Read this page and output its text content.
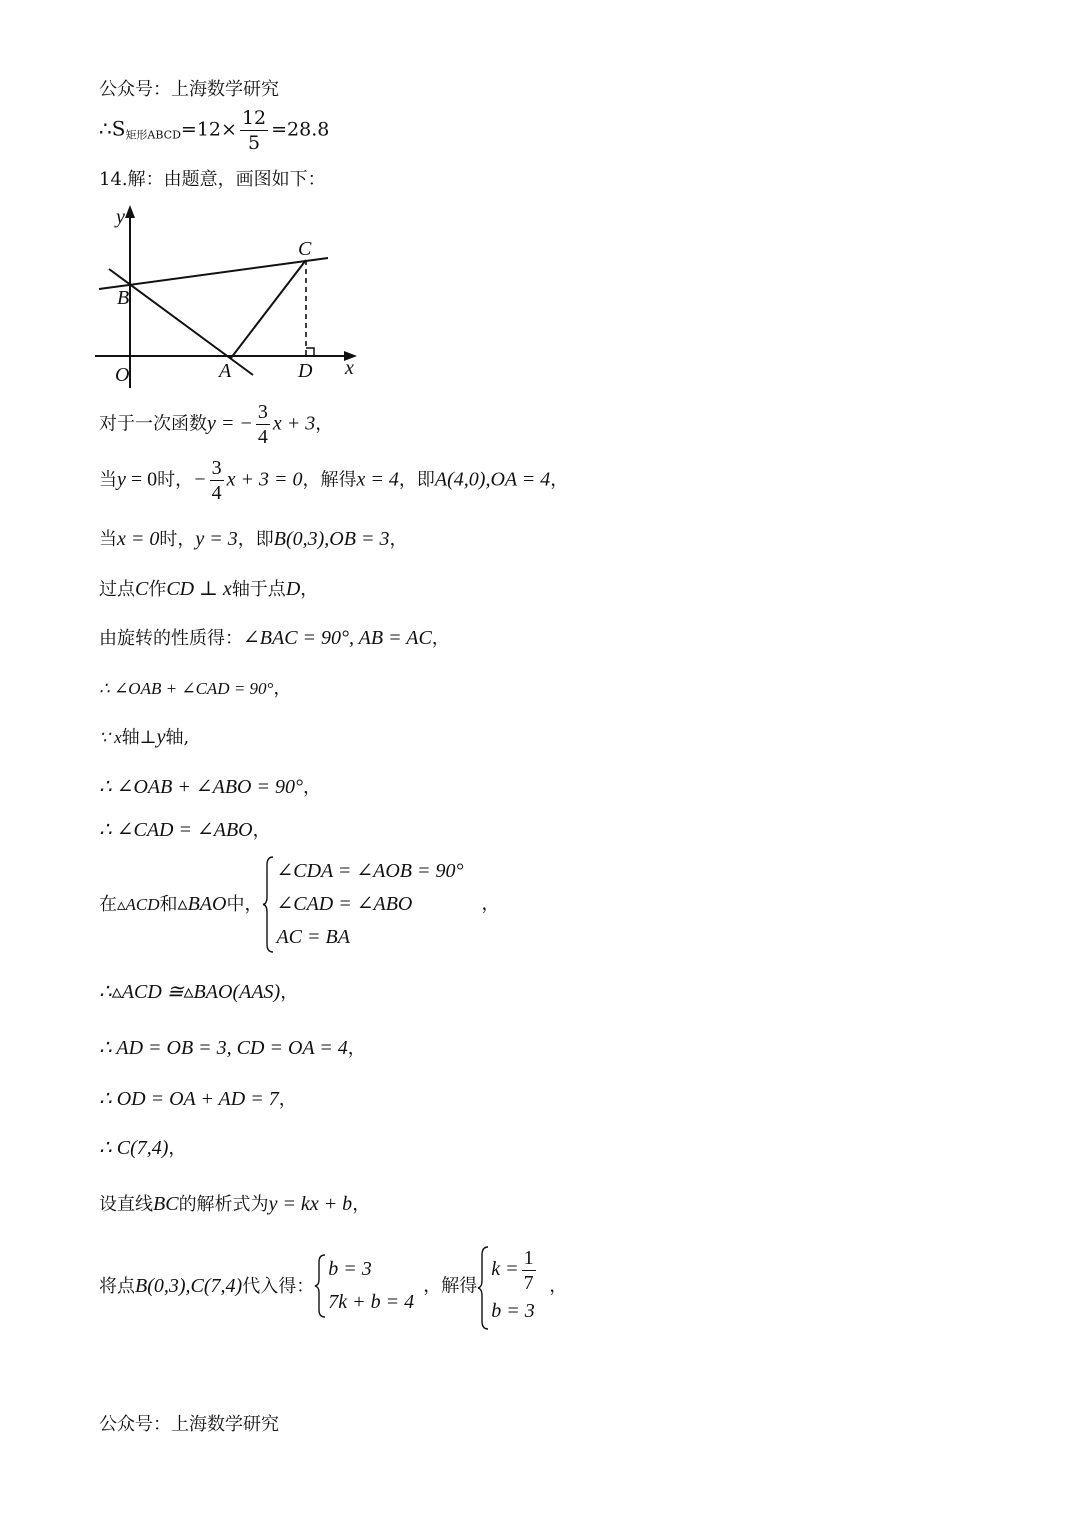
公众号：上海数学研究
$\therefore S_{矩形ABCD}=12\times \frac{12}{5} =28.8$
14.解：由题意，画图如下：
y
C
B
O	A	D x
对于一次函数y = − $\frac{3}{4}$ x + 3，
当y = 0时，− $\frac{3}{4}$ x + 3 = 0，解得x = 4，即A(4,0),OA = 4，
当x = 0时，y = 3，即B(0,3),OB = 3，
过点C作CD ⊥ x轴于点D，
由旋转的性质得：∠BAC = 90°, AB = AC，
∴ ∠OAB + ∠CAD = 90°，
∵ x轴⊥y轴,
∴ ∠OAB + ∠ABO = 90°，
∴ ∠CAD = ∠ABO，
在▵ACD和▵BAO中，
∠CDA = ∠AOB = 90°
∠CAD = ∠ABO
AC = BA
，
∴▵ACD ≅▵BAO(AAS)，
∴ AD = OB = 3, CD = OA = 4，
∴ OD = OA + AD = 7，
∴ C(7,4)，
设直线BC的解析式为y = kx + b，
将点B(0,3),C(7,4)代入得：
b = 3
7k + b = 4
，解得
$k = \frac{1}{7}$
b = 3
，
公众号：上海数学研究
